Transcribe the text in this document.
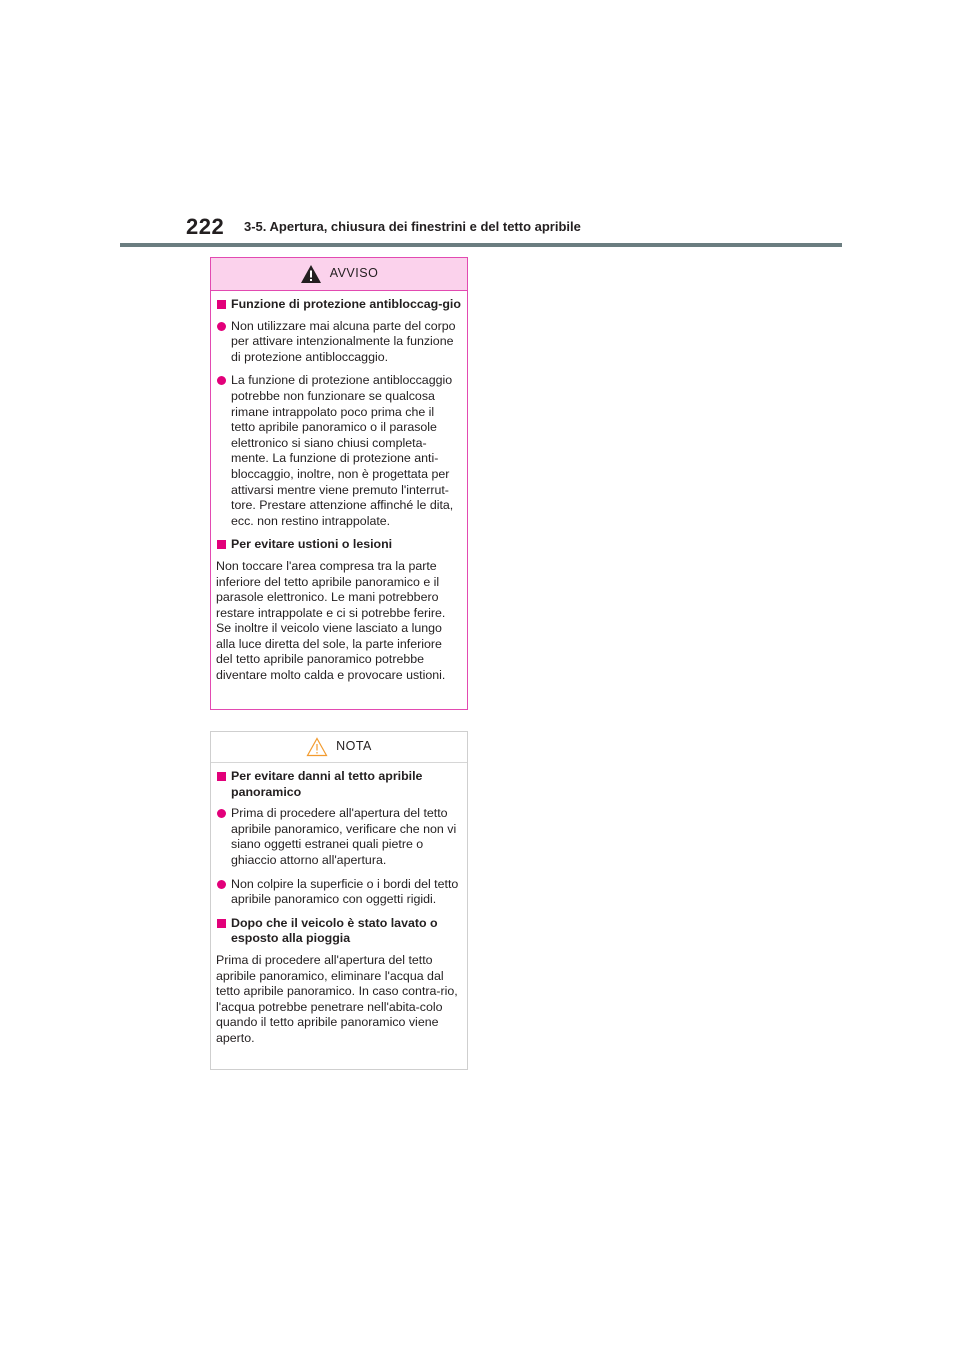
222 3-5. Apertura, chiusura dei finestrini e del tetto apribile
AVVISO
Funzione di protezione antibloccag-gio
Non utilizzare mai alcuna parte del corpo per attivare intenzionalmente la funzione di protezione antibloccaggio.
La funzione di protezione antibloccaggio potrebbe non funzionare se qualcosa rimane intrappolato poco prima che il tetto apribile panoramico o il parasole elettronico si siano chiusi completa-mente. La funzione di protezione anti-bloccaggio, inoltre, non è progettata per attivarsi mentre viene premuto l'interrut-tore. Prestare attenzione affinché le dita, ecc. non restino intrappolate.
Per evitare ustioni o lesioni
Non toccare l'area compresa tra la parte inferiore del tetto apribile panoramico e il parasole elettronico. Le mani potrebbero restare intrappolate e ci si potrebbe ferire. Se inoltre il veicolo viene lasciato a lungo alla luce diretta del sole, la parte inferiore del tetto apribile panoramico potrebbe diventare molto calda e provocare ustioni.
NOTA
Per evitare danni al tetto apribile panoramico
Prima di procedere all'apertura del tetto apribile panoramico, verificare che non vi siano oggetti estranei quali pietre o ghiaccio attorno all'apertura.
Non colpire la superficie o i bordi del tetto apribile panoramico con oggetti rigidi.
Dopo che il veicolo è stato lavato o esposto alla pioggia
Prima di procedere all'apertura del tetto apribile panoramico, eliminare l'acqua dal tetto apribile panoramico. In caso contra-rio, l'acqua potrebbe penetrare nell'abita-colo quando il tetto apribile panoramico viene aperto.
